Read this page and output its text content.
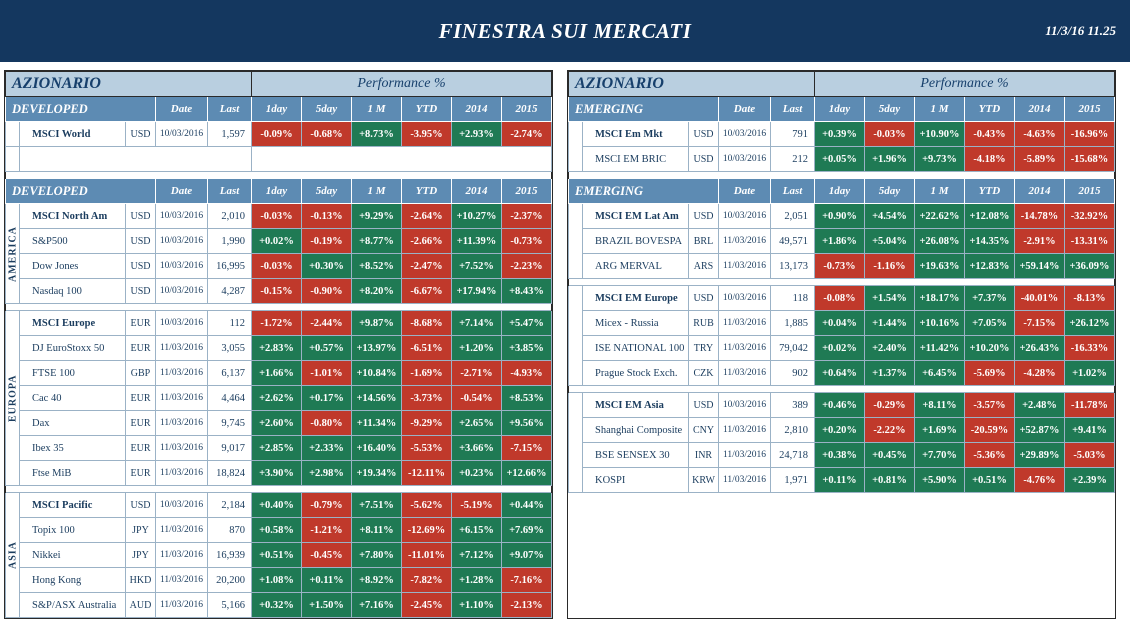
FINESTRA SUI MERCATI	11/3/16 11.25
AZIONARIO					Performance %					
DEVELOPED			Date	Last	1day	5day	1 M	YTD	2014	2015
	MSCI World	USD	10/03/2016	1,597	-0.09%	-0.68%	+8.73%	-3.95%	+2.93%	-2.74%

DEVELOPED			Date	Last	1day	5day	1 M	YTD	2014	2015
AMERICA	MSCI North Am	USD	10/03/2016	2,010	-0.03%	-0.13%	+9.29%	-2.64%	+10.27%	-2.37%
	S&P500	USD	10/03/2016	1,990	+0.02%	-0.19%	+8.77%	-2.66%	+11.39%	-0.73%
	Dow Jones	USD	10/03/2016	16,995	-0.03%	+0.30%	+8.52%	-2.47%	+7.52%	-2.23%
	Nasdaq 100	USD	10/03/2016	4,287	-0.15%	-0.90%	+8.20%	-6.67%	+17.94%	+8.43%

EUROPA	MSCI Europe	EUR	10/03/2016	112	-1.72%	-2.44%	+9.87%	-8.68%	+7.14%	+5.47%
	DJ EuroStoxx 50	EUR	11/03/2016	3,055	+2.83%	+0.57%	+13.97%	-6.51%	+1.20%	+3.85%
	FTSE 100	GBP	11/03/2016	6,137	+1.66%	-1.01%	+10.84%	-1.69%	-2.71%	-4.93%
	Cac 40	EUR	11/03/2016	4,464	+2.62%	+0.17%	+14.56%	-3.73%	-0.54%	+8.53%
	Dax	EUR	11/03/2016	9,745	+2.60%	-0.80%	+11.34%	-9.29%	+2.65%	+9.56%
	Ibex 35	EUR	11/03/2016	9,017	+2.85%	+2.33%	+16.40%	-5.53%	+3.66%	-7.15%
	Ftse MiB	EUR	11/03/2016	18,824	+3.90%	+2.98%	+19.34%	-12.11%	+0.23%	+12.66%

ASIA	MSCI Pacific	USD	10/03/2016	2,184	+0.40%	-0.79%	+7.51%	-5.62%	-5.19%	+0.44%
	Topix 100	JPY	11/03/2016	870	+0.58%	-1.21%	+8.11%	-12.69%	+6.15%	+7.69%
	Nikkei	JPY	11/03/2016	16,939	+0.51%	-0.45%	+7.80%	-11.01%	+7.12%	+9.07%
	Hong Kong	HKD	11/03/2016	20,200	+1.08%	+0.11%	+8.92%	-7.82%	+1.28%	-7.16%
	S&P/ASX Australia	AUD	11/03/2016	5,166	+0.32%	+1.50%	+7.16%	-2.45%	+1.10%	-2.13%
AZIONARIO					Performance %					
EMERGING			Date	Last	1day	5day	1 M	YTD	2014	2015
	MSCI Em Mkt	USD	10/03/2016	791	+0.39%	-0.03%	+10.90%	-0.43%	-4.63%	-16.96%
	MSCI EM BRIC	USD	10/03/2016	212	+0.05%	+1.96%	+9.73%	-4.18%	-5.89%	-15.68%

EMERGING			Date	Last	1day	5day	1 M	YTD	2014	2015
	MSCI EM Lat Am	USD	10/03/2016	2,051	+0.90%	+4.54%	+22.62%	+12.08%	-14.78%	-32.92%
	BRAZIL BOVESPA	BRL	11/03/2016	49,571	+1.86%	+5.04%	+26.08%	+14.35%	-2.91%	-13.31%
	ARG MERVAL	ARS	11/03/2016	13,173	-0.73%	-1.16%	+19.63%	+12.83%	+59.14%	+36.09%

	MSCI EM Europe	USD	10/03/2016	118	-0.08%	+1.54%	+18.17%	+7.37%	-40.01%	-8.13%
	Micex - Russia	RUB	11/03/2016	1,885	+0.04%	+1.44%	+10.16%	+7.05%	-7.15%	+26.12%
	ISE NATIONAL 100	TRY	11/03/2016	79,042	+0.02%	+2.40%	+11.42%	+10.20%	+26.43%	-16.33%
	Prague Stock Exch.	CZK	11/03/2016	902	+0.64%	+1.37%	+6.45%	-5.69%	-4.28%	+1.02%

	MSCI EM Asia	USD	10/03/2016	389	+0.46%	-0.29%	+8.11%	-3.57%	+2.48%	-11.78%
	Shanghai Composite	CNY	11/03/2016	2,810	+0.20%	-2.22%	+1.69%	-20.59%	+52.87%	+9.41%
	BSE SENSEX 30	INR	11/03/2016	24,718	+0.38%	+0.45%	+7.70%	-5.36%	+29.89%	-5.03%
	KOSPI	KRW	11/03/2016	1,971	+0.11%	+0.81%	+5.90%	+0.51%	-4.76%	+2.39%
